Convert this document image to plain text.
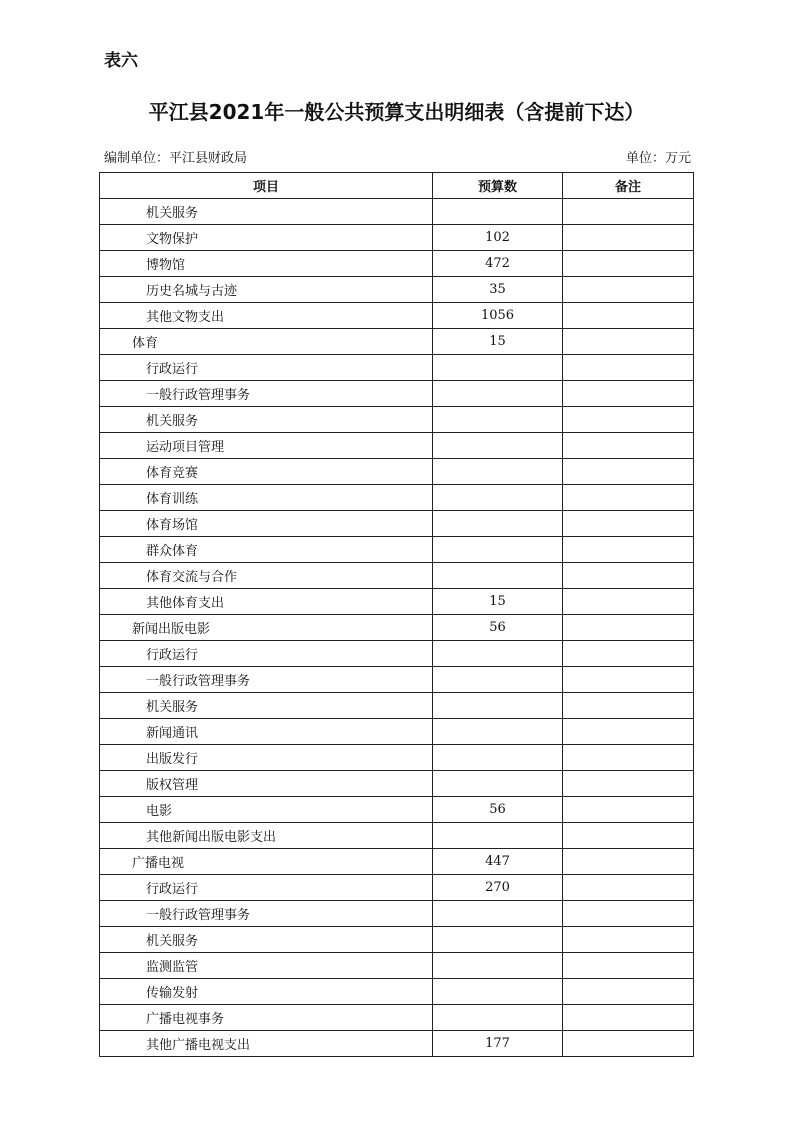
表六
平江县2021年一般公共预算支出明细表（含提前下达）
编制单位：平江县财政局	单位：万元
项目	预算数	备注
机关服务		
文物保护	102	
博物馆	472	
历史名城与古迹	35	
其他文物支出	1056	
体育	15	
行政运行		
一般行政管理事务		
机关服务		
运动项目管理		
体育竞赛		
体育训练		
体育场馆		
群众体育		
体育交流与合作		
其他体育支出	15	
新闻出版电影	56	
行政运行		
一般行政管理事务		
机关服务		
新闻通讯		
出版发行		
版权管理		
电影	56	
其他新闻出版电影支出		
广播电视	447	
行政运行	270	
一般行政管理事务		
机关服务		
监测监管		
传输发射		
广播电视事务		
其他广播电视支出	177	
